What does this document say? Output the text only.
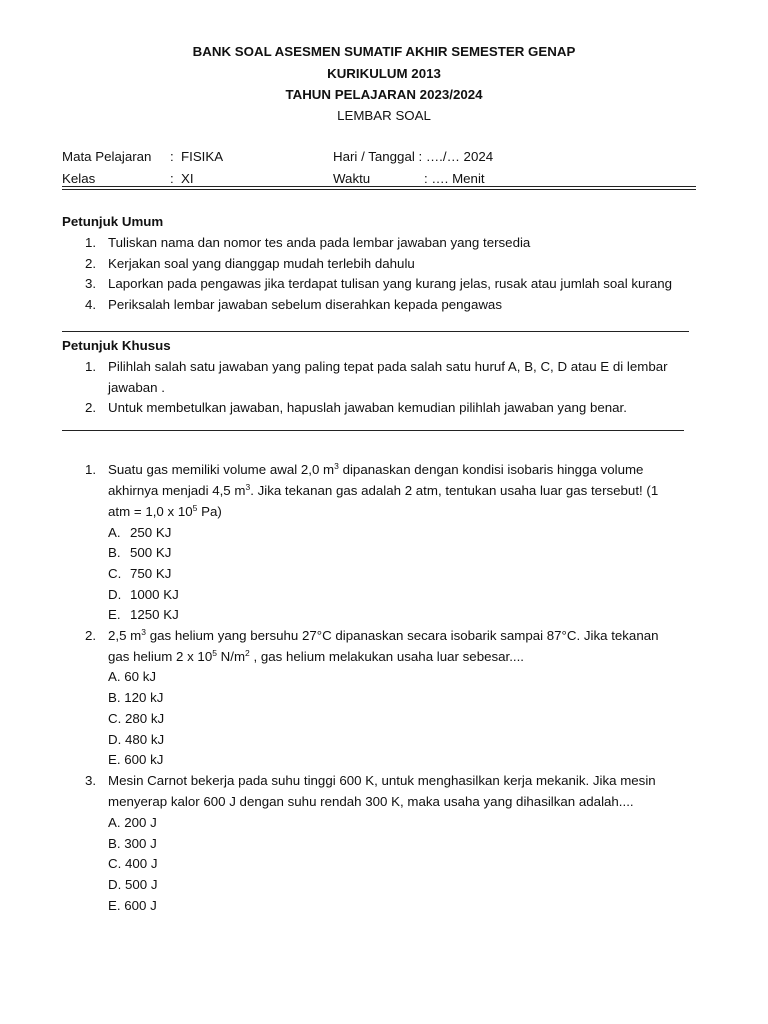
BANK SOAL ASESMEN SUMATIF AKHIR SEMESTER GENAP
KURIKULUM 2013
TAHUN PELAJARAN 2023/2024
LEMBAR SOAL
Mata Pelajaran : FISIKA	Hari / Tanggal : …./… 2024
Kelas	: XI	Waktu	: …. Menit
Petunjuk Umum
1. Tuliskan nama dan nomor tes anda pada lembar jawaban yang tersedia
2. Kerjakan soal yang dianggap mudah terlebih dahulu
3. Laporkan pada pengawas jika terdapat tulisan yang kurang jelas, rusak atau jumlah soal kurang
4. Periksalah lembar jawaban sebelum diserahkan kepada pengawas
Petunjuk Khusus
1. Pilihlah salah satu jawaban yang paling tepat pada salah satu huruf A, B, C, D atau E di lembar
jawaban .
2. Untuk membetulkan jawaban, hapuslah jawaban kemudian pilihlah jawaban yang benar.
1. Suatu gas memiliki volume awal 2,0 $m^3$ dipanaskan dengan kondisi isobaris hingga volume
akhirnya menjadi 4,5 $m^3$. Jika tekanan gas adalah 2 atm, tentukan usaha luar gas tersebut! (1
atm = 1,0 x $10^5$ Pa)
A. 250 KJ
B. 500 KJ
C. 750 KJ
D. 1000 KJ
E. 1250 KJ
2. 2,5 $m^3$ gas helium yang bersuhu 27°C dipanaskan secara isobarik sampai 87°C. Jika tekanan
gas helium 2 x $10^5$ $N/m^2$ , gas helium melakukan usaha luar sebesar....
A. 60 kJ
B. 120 kJ
C. 280 kJ
D. 480 kJ
E. 600 kJ
3. Mesin Carnot bekerja pada suhu tinggi 600 K, untuk menghasilkan kerja mekanik. Jika mesin
menyerap kalor 600 J dengan suhu rendah 300 K, maka usaha yang dihasilkan adalah....
A. 200 J
B. 300 J
C. 400 J
D. 500 J
E. 600 J
